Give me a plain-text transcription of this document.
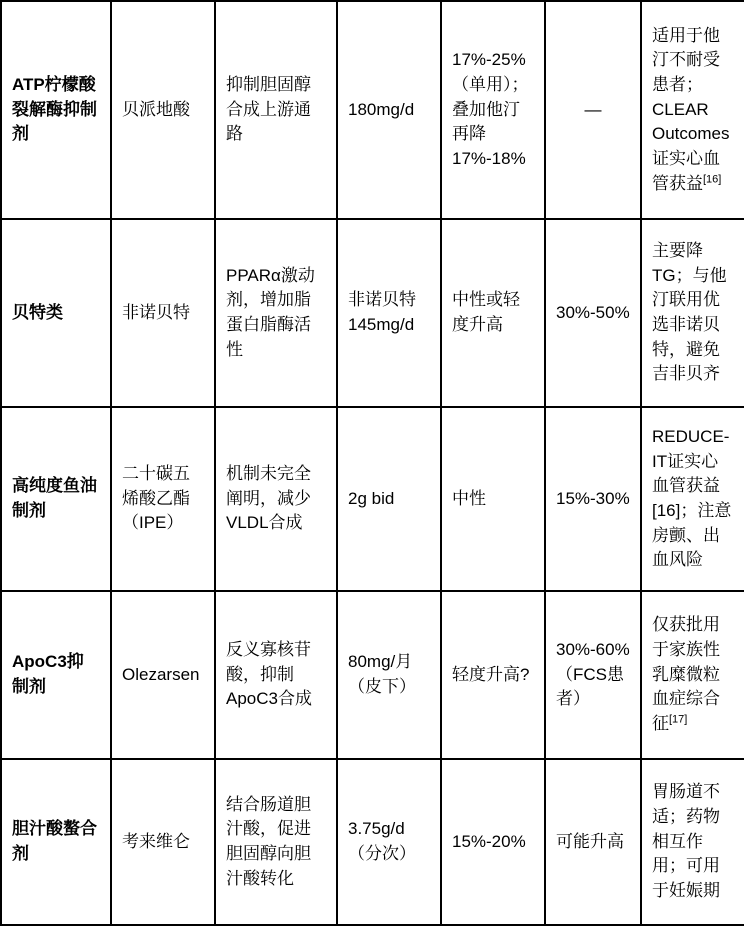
ATP柠檬酸裂解酶抑制剂	贝派地酸	抑制胆固醇合成上游通路	180mg/d	17%-25%（单用）；叠加他汀再降17%-18%	—	适用于他汀不耐受患者；CLEAR Outcomes证实心血管获益[16]
贝特类	非诺贝特	PPARα激动剂，增加脂蛋白脂酶活性	非诺贝特145mg/d	中性或轻度升高	30%-50%	主要降TG；与他汀联用优选非诺贝特，避免吉非贝齐
高纯度鱼油制剂	二十碳五烯酸乙酯（IPE）	机制未完全阐明，减少VLDL合成	2g bid	中性	15%-30%	REDUCE-IT证实心血管获益[16]；注意房颤、出血风险
ApoC3抑制剂	Olezarsen	反义寡核苷酸，抑制ApoC3合成	80mg/月（皮下）	轻度升高?	30%-60%（FCS患者）	仅获批用于家族性乳糜微粒血症综合征[17]
胆汁酸螯合剂	考来维仑	结合肠道胆汁酸，促进胆固醇向胆汁酸转化	3.75g/d（分次）	15%-20%	可能升高	胃肠道不适；药物相互作用；可用于妊娠期
